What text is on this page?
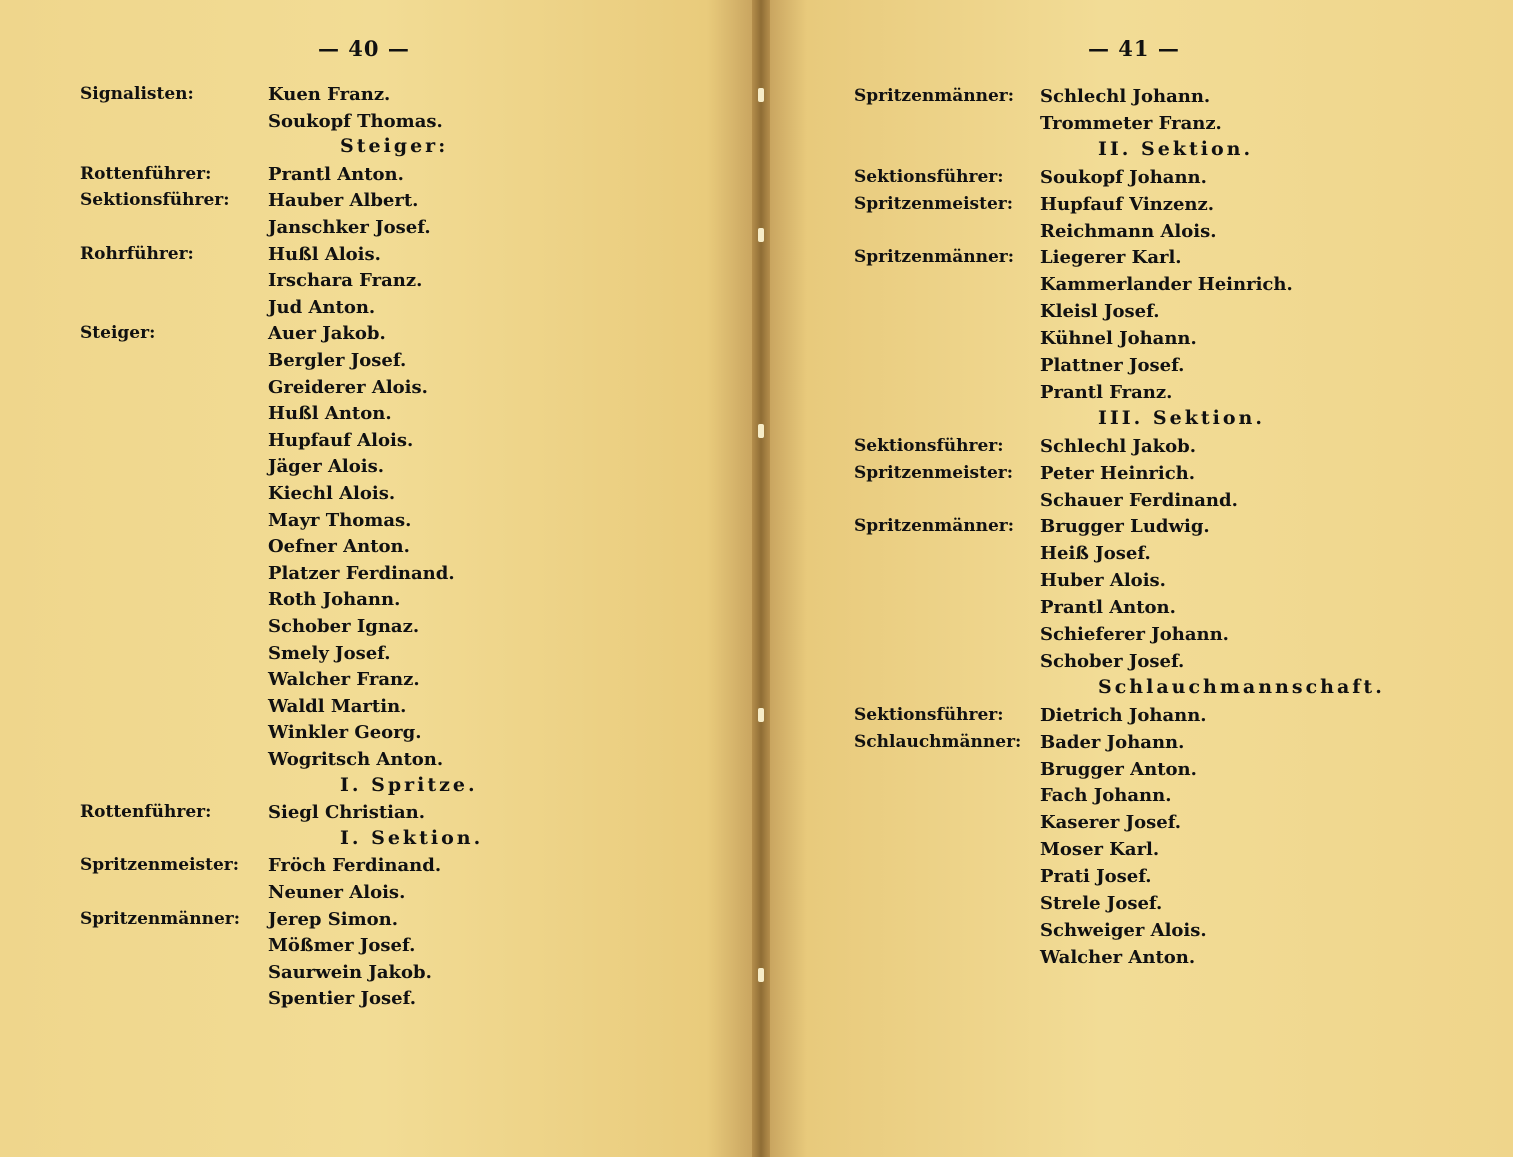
— 40 —
Signalisten:	Kuen Franz.
Soukopf Thomas.
Steiger:
Rottenführer:	Prantl Anton.
Sektionsführer: Hauber Albert.
Janschker Josef.
Rohrführer:	Hußl Alois.
Irschara Franz.
Jud Anton.
Steiger:	Auer Jakob.
Bergler Josef.
Greiderer Alois.
Hußl Anton.
Hupfauf Alois.
Jäger Alois.
Kiechl Alois.
Mayr Thomas.
Oefner Anton.
Platzer Ferdinand.
Roth Johann.
Schober Ignaz.
Smely Josef.
Walcher Franz.
Waldl Martin.
Winkler Georg.
Wogritsch Anton.
I. Spritze.
Rottenführer:	Siegl Christian.
I. Sektion.
Spritzenmeister: Fröch Ferdinand.
Neuner Alois.
Spritzenmänner: Jerep Simon.
Mößmer Josef.
Saurwein Jakob.
Spentier Josef.
— 41 —
Spritzenmänner: Schlechl Johann.
Trommeter Franz.
II. Sektion.
Sektionsführer: Soukopf Johann.
Spritzenmeister: Hupfauf Vinzenz.
Reichmann Alois.
Spritzenmänner: Liegerer Karl.
Kammerlander Heinrich.
Kleisl Josef.
Kühnel Johann.
Plattner Josef.
Prantl Franz.
III. Sektion.
Sektionsführer: Schlechl Jakob.
Spritzenmeister: Peter Heinrich.
Schauer Ferdinand.
Spritzenmänner: Brugger Ludwig.
Heiß Josef.
Huber Alois.
Prantl Anton.
Schieferer Johann.
Schober Josef.
Schlauchmannschaft.
Sektionsführer: Dietrich Johann.
Schlauchmänner: Bader Johann.
Brugger Anton.
Fach Johann.
Kaserer Josef.
Moser Karl.
Prati Josef.
Strele Josef.
Schweiger Alois.
Walcher Anton.
